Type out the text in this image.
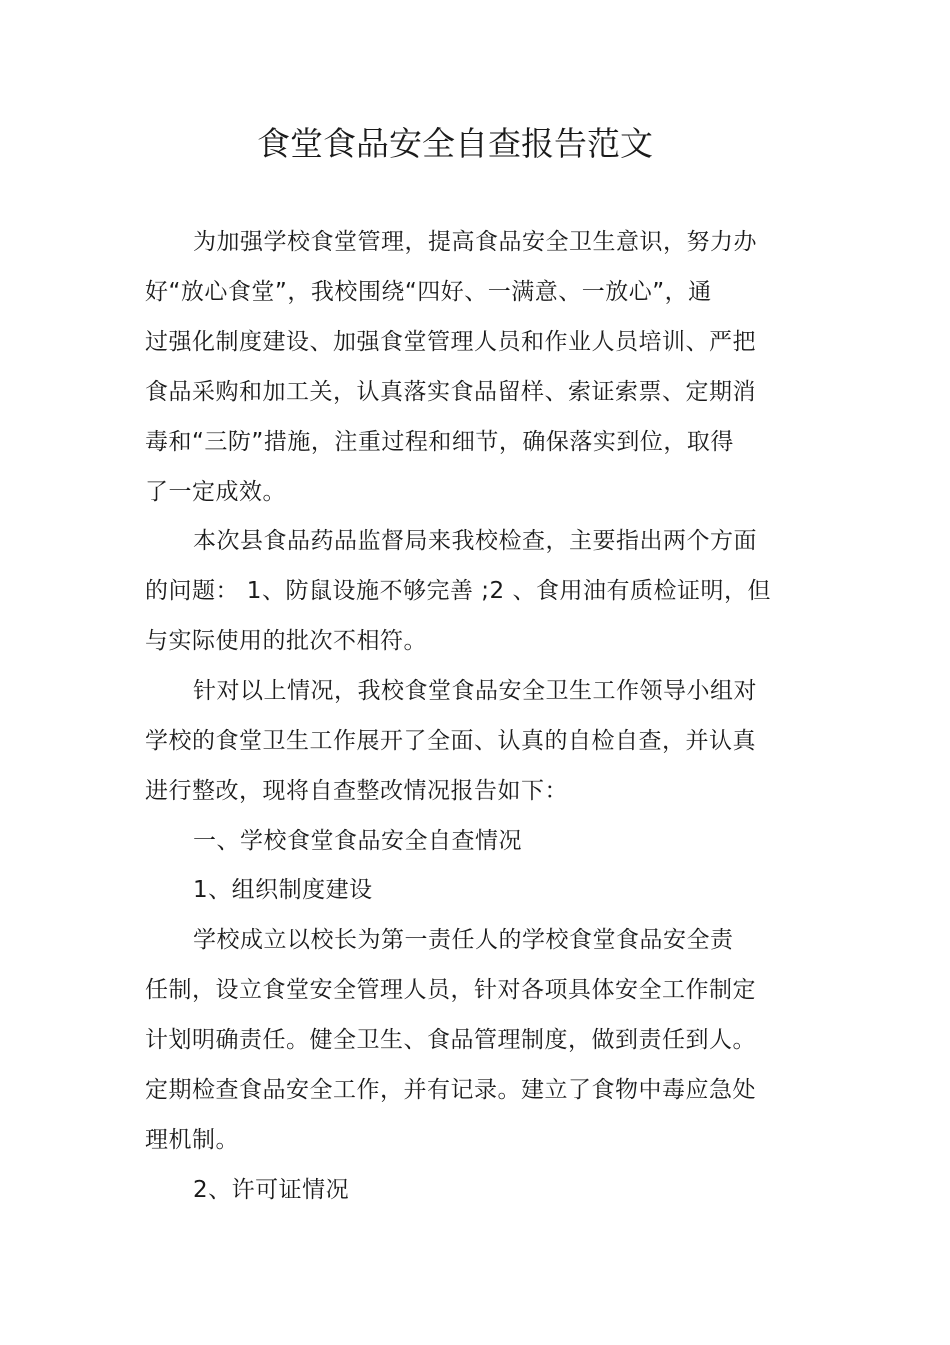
食堂食品安全自查报告范文
为加强学校食堂管理，提高食品安全卫生意识，努力办
好“放心食堂”，我校围绕“四好、一满意、一放心”，通
过强化制度建设、加强食堂管理人员和作业人员培训、严把
食品采购和加工关，认真落实食品留样、索证索票、定期消
毒和“三防”措施，注重过程和细节，确保落实到位，取得
了一定成效。
本次县食品药品监督局来我校检查，主要指出两个方面
的问题： 1、防鼠设施不够完善 ;2 、食用油有质检证明，但
与实际使用的批次不相符。
针对以上情况，我校食堂食品安全卫生工作领导小组对
学校的食堂卫生工作展开了全面、认真的自检自查，并认真
进行整改，现将自查整改情况报告如下：
一、学校食堂食品安全自查情况
1、组织制度建设
学校成立以校长为第一责任人的学校食堂食品安全责
任制，设立食堂安全管理人员，针对各项具体安全工作制定
计划明确责任。健全卫生、食品管理制度，做到责任到人。
定期检查食品安全工作，并有记录。建立了食物中毒应急处
理机制。
2、许可证情况
